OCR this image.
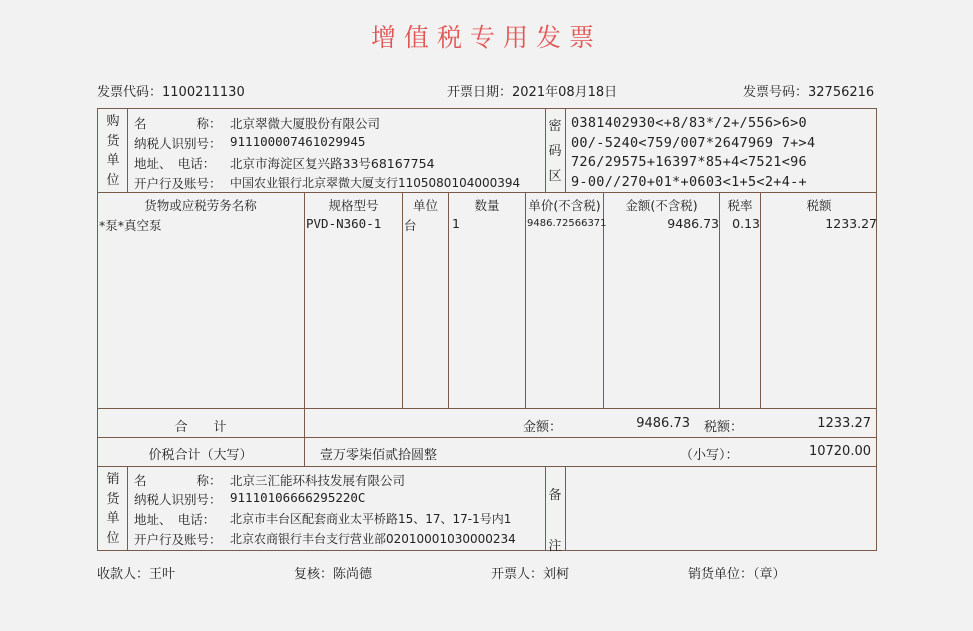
增值税专用发票
发票代码：1100211130	开票日期：2021年08月18日	发票号码：32756216
购
货
单
位
名　　　　称： 北京翠微大厦股份有限公司
纳税人识别号： 911100007461029945
地址、　电话： 北京市海淀区复兴路33号68167754
开户行及账号： 中国农业银行北京翠微大厦支行1105080104000394
密
码
区
0381402930<+8/83*/2+/556>6>0
00/-5240<759/007*2647969 7+>4
726/29575+16397*85+4<7521<96
9-00//270+01*+0603<1+5<2+4-+
货物或应税劳务名称	规格型号	单位	数量	单价(不含税)	金额(不含税)	税率	税额
*泵*真空泵	PVD-N360-1 台	1	9486.72566371	9486.73	0.13	1233.27
合　　计	金额：	9486.73 税额：	1233.27
价税合计（大写）	壹万零柒佰贰拾圆整	（小写）：	10720.00
销
货
单
位
名　　　　称： 北京三汇能环科技发展有限公司
纳税人识别号： 91110106666295220C
地址、　电话： 北京市丰台区配套商业太平桥路15、17、17-1号内1
开户行及账号： 北京农商银行丰台支行营业部02010001030000234
备
注
收款人：王叶	复核：陈尚德	开票人：刘柯	销货单位：（章）
